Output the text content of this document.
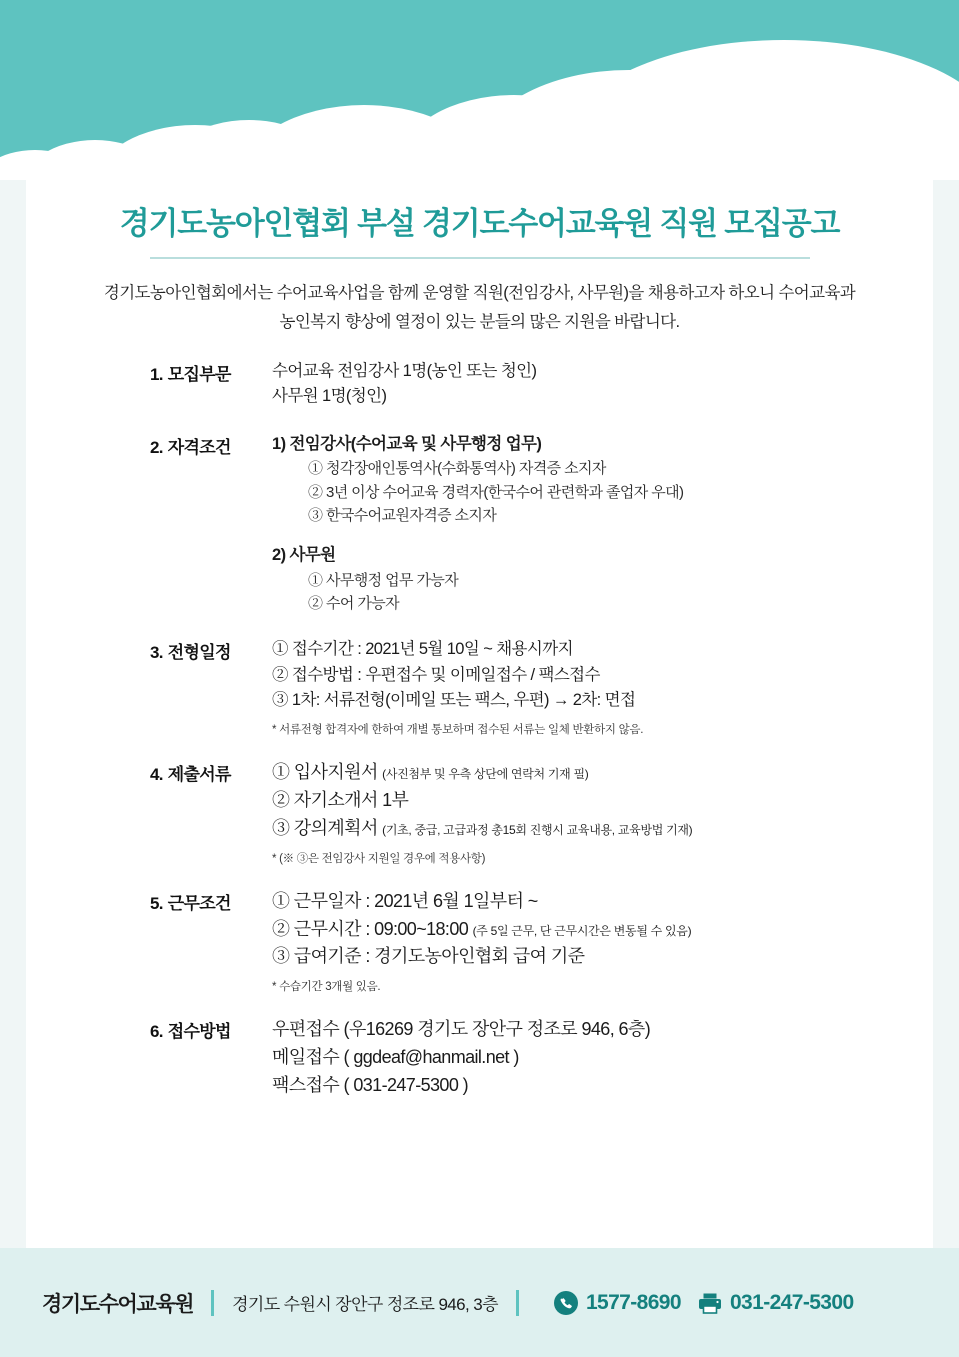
경기도농아인협회 부설 경기도수어교육원 직원 모집공고
경기도농아인협회에서는 수어교육사업을 함께 운영할 직원(전임강사, 사무원)을 채용하고자 하오니 수어교육과
농인복지 향상에 열정이 있는 분들의 많은 지원을 바랍니다.
1. 모집부문	수어교육 전임강사 1명(농인 또는 청인)
사무원 1명(청인)
2. 자격조건	1) 전임강사(수어교육 및 사무행정 업무)
① 청각장애인통역사(수화통역사) 자격증 소지자
② 3년 이상 수어교육 경력자(한국수어 관련학과 졸업자 우대)
③ 한국수어교원자격증 소지자
2) 사무원
① 사무행정 업무 가능자
② 수어 가능자
3. 전형일정	① 접수기간 : 2021년 5월 10일 ~ 채용시까지
② 접수방법 : 우편접수 및 이메일접수 / 팩스접수
③ 1차: 서류전형(이메일 또는 팩스, 우편) → 2차: 면접
* 서류전형 합격자에 한하여 개별 통보하며 접수된 서류는 일체 반환하지 않음.
4. 제출서류	① 입사지원서 (사진첨부 및 우측 상단에 연락처 기재 필)
② 자기소개서 1부
③ 강의계획서 (기초, 중급, 고급과정 총15회 진행시 교육내용, 교육방법 기재)
* (※ ③은 전임강사 지원일 경우에 적용사항)
5. 근무조건	① 근무일자 : 2021년 6월 1일부터 ~
② 근무시간 : 09:00~18:00 (주 5일 근무, 단 근무시간은 변동될 수 있음)
③ 급여기준 : 경기도농아인협회 급여 기준
* 수습기간 3개월 있음.
6. 접수방법	우편접수 (우16269 경기도 장안구 정조로 946, 6층)
메일접수 ( ggdeaf@hanmail.net )
팩스접수 ( 031-247-5300 )
경기도수어교육원 경기도 수원시 장안구 정조로 946, 3층	1577-8690 031-247-5300
